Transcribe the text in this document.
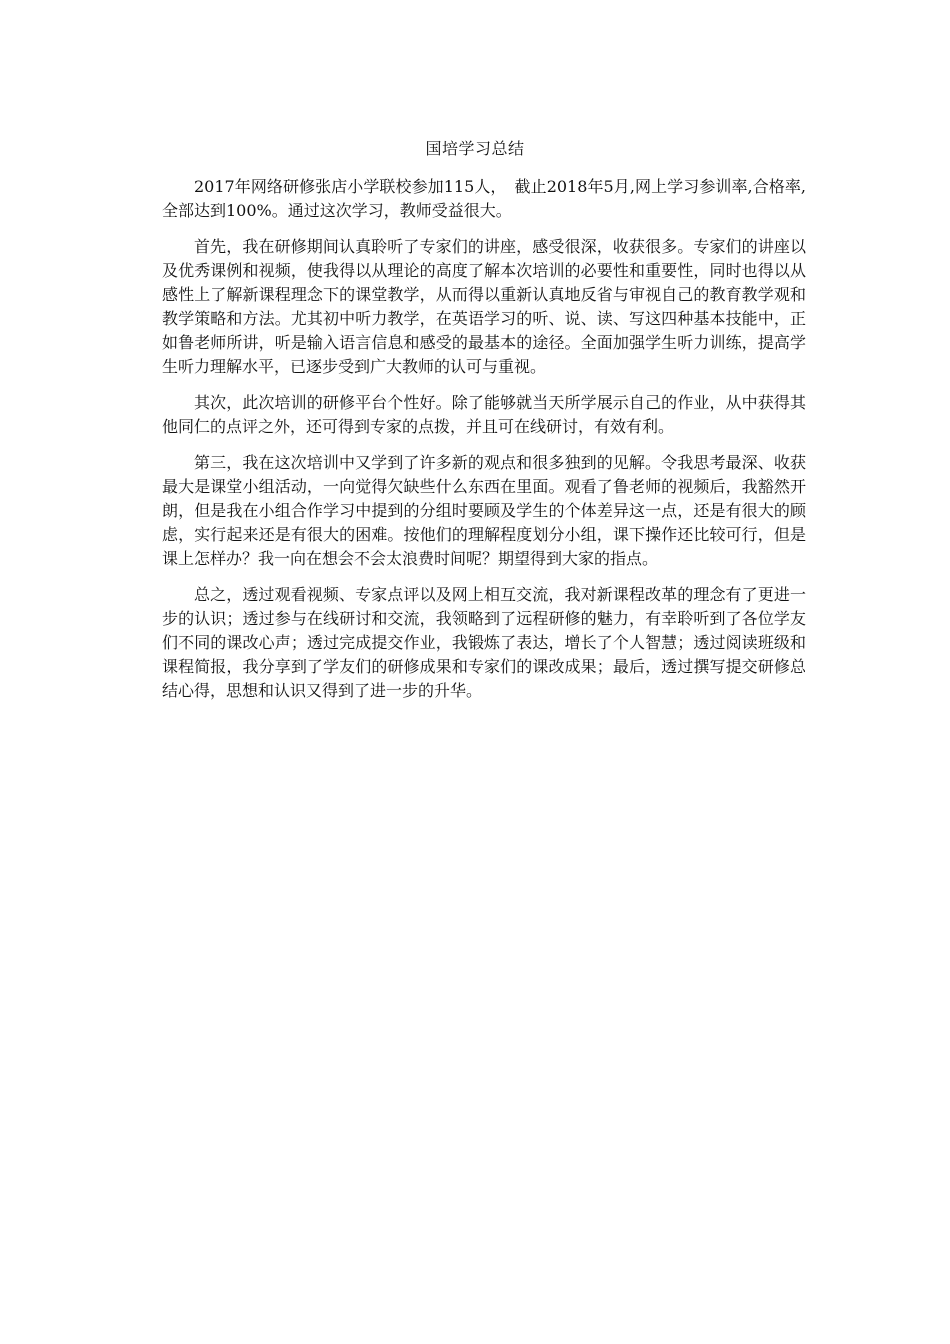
国培学习总结

2017年网络研修张店小学联校参加115人，　截止2018年5月,网上学习参训率,合格率,全部达到100%。通过这次学习，教师受益很大。

首先，我在研修期间认真聆听了专家们的讲座，感受很深，收获很多。专家们的讲座以及优秀课例和视频，使我得以从理论的高度了解本次培训的必要性和重要性，同时也得以从感性上了解新课程理念下的课堂教学，从而得以重新认真地反省与审视自己的教育教学观和教学策略和方法。尤其初中听力教学，在英语学习的听、说、读、写这四种基本技能中，正如鲁老师所讲，听是输入语言信息和感受的最基本的途径。全面加强学生听力训练，提高学生听力理解水平，已逐步受到广大教师的认可与重视。

其次，此次培训的研修平台个性好。除了能够就当天所学展示自己的作业，从中获得其他同仁的点评之外，还可得到专家的点拨，并且可在线研讨，有效有利。

第三，我在这次培训中又学到了许多新的观点和很多独到的见解。令我思考最深、收获最大是课堂小组活动，一向觉得欠缺些什么东西在里面。观看了鲁老师的视频后，我豁然开朗，但是我在小组合作学习中提到的分组时要顾及学生的个体差异这一点，还是有很大的顾虑，实行起来还是有很大的困难。按他们的理解程度划分小组，课下操作还比较可行，但是课上怎样办？我一向在想会不会太浪费时间呢？期望得到大家的指点。

总之，透过观看视频、专家点评以及网上相互交流，我对新课程改革的理念有了更进一步的认识；透过参与在线研讨和交流，我领略到了远程研修的魅力，有幸聆听到了各位学友们不同的课改心声；透过完成提交作业，我锻炼了表达，增长了个人智慧；透过阅读班级和课程简报，我分享到了学友们的研修成果和专家们的课改成果；最后，透过撰写提交研修总结心得，思想和认识又得到了进一步的升华。
